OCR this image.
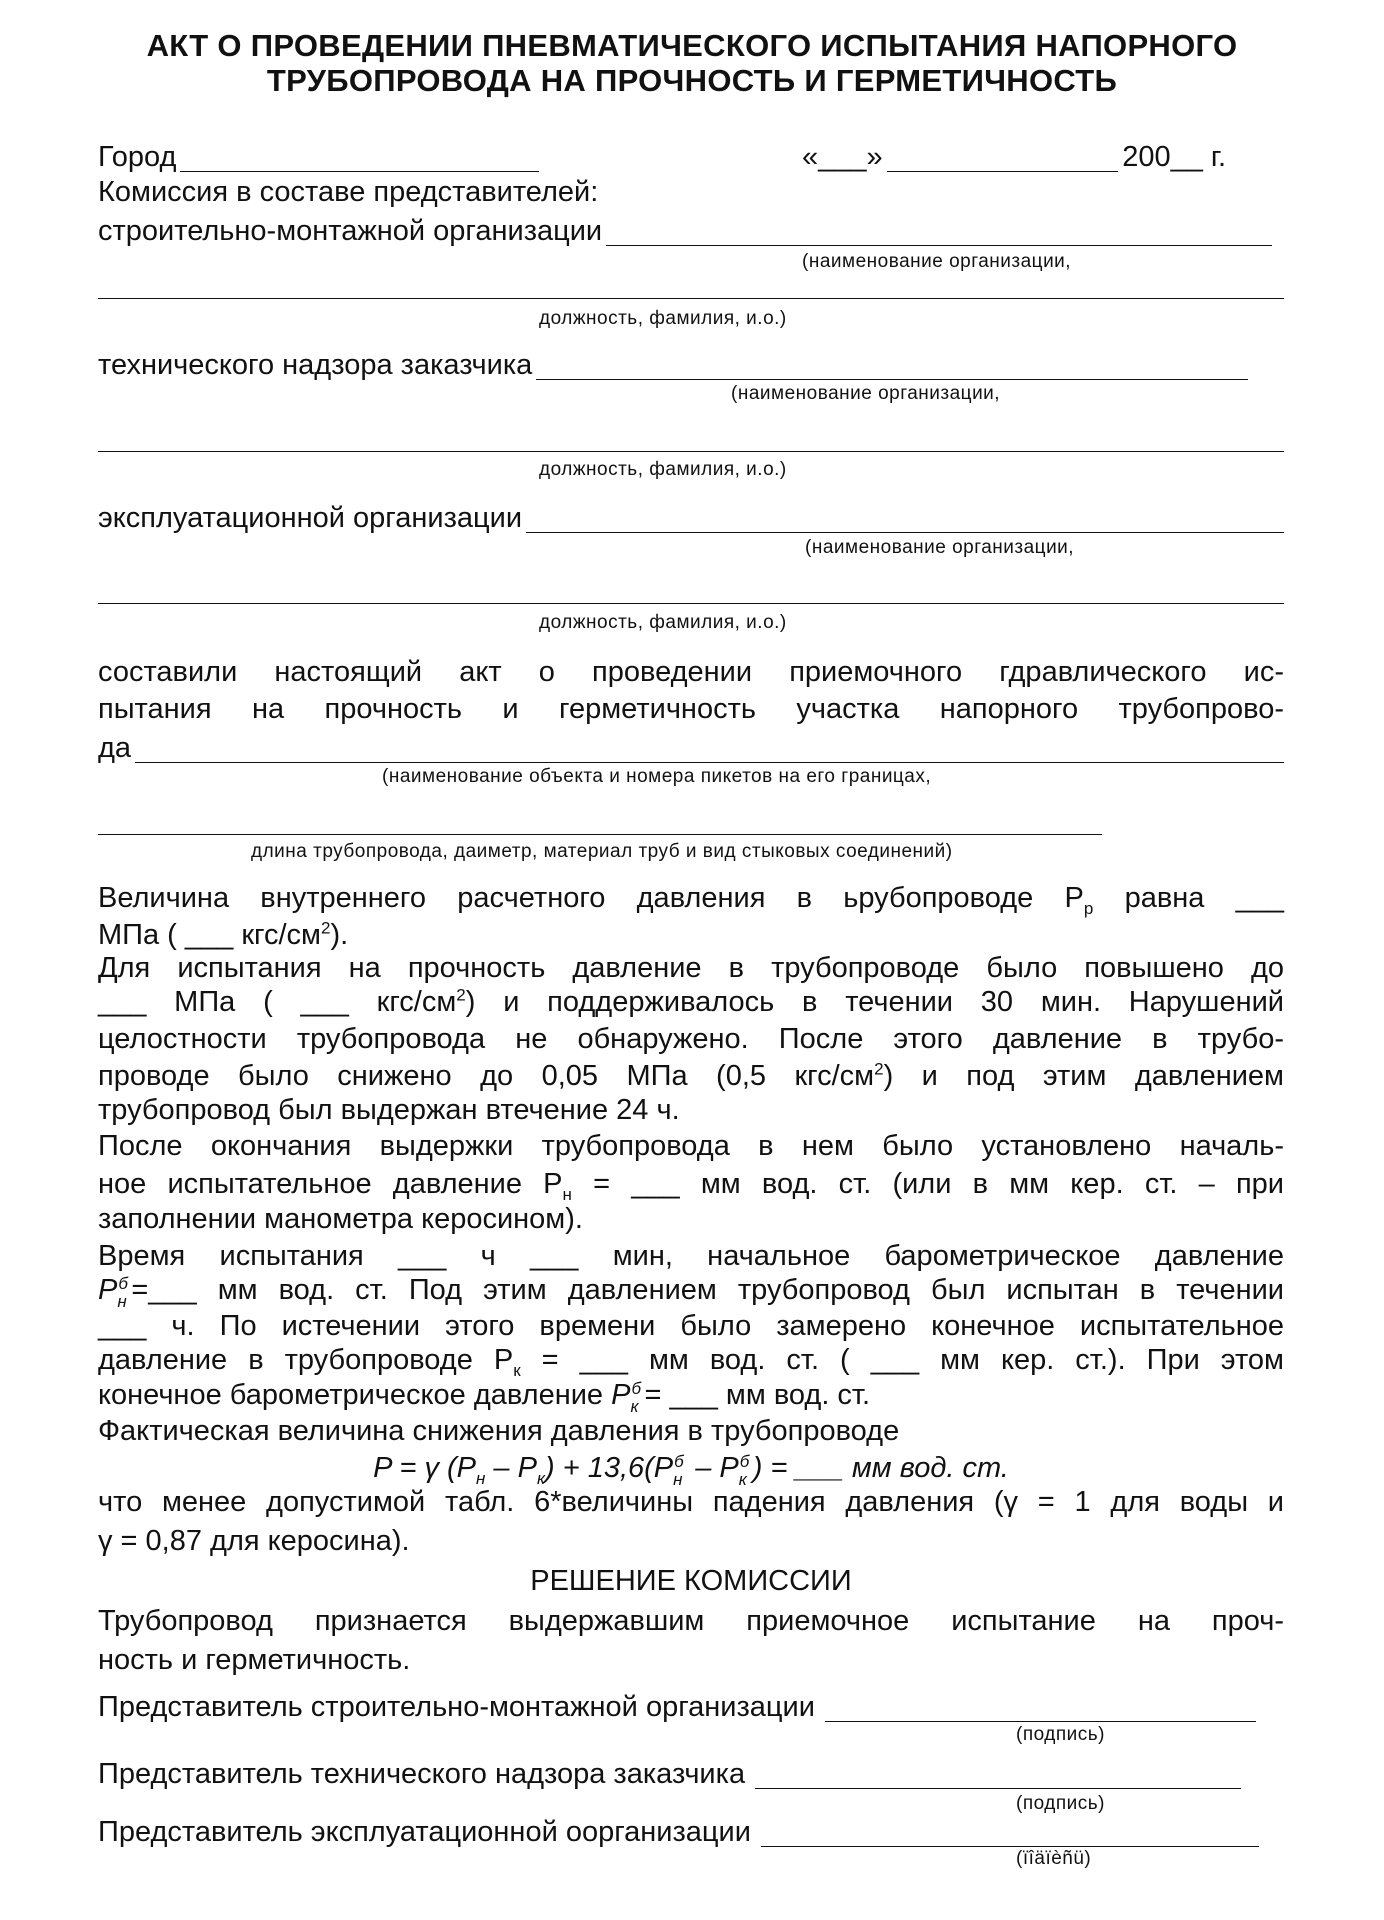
АКТ О ПРОВЕДЕНИИ ПНЕВМАТИЧЕСКОГО ИСПЫТАНИЯ НАПОРНОГО
ТРУБОПРОВОДА НА ПРОЧНОСТЬ И ГЕРМЕТИЧНОСТЬ
Город	«___»	200__ г.
Комиссия в составе представителей:
строительно-монтажной организации
(наименование организации,
должность, фамилия, и.о.)
технического надзора заказчика
(наименование организации,
должность, фамилия, и.о.)
эксплуатационной организации
(наименование организации,
должность, фамилия, и.о.)
составили настоящий акт о проведении приемочного гдравлического ис-
пытания на прочность и герметичность участка напорного трубопрово-
да
(наименование объекта и номера пикетов на его границах,
длина трубопровода, даиметр, материал труб и вид стыковых соединений)
Величина внутреннего расчетного давления в ьрубопроводе $P_р$ равна ___
МПа ( ___ кгс/$см^2$).
Для испытания на прочность давление в трубопроводе было повышено до
___ МПа ( ___ кгс/$см^2$) и поддерживалось в течении 30 мин. Нарушений
целостности трубопровода не обнаружено. После этого давление в трубо-
проводе было снижено до 0,05 МПа (0,5 кгс/$см^2$) и под этим давлением
трубопровод был выдержан втечение 24 ч.
После окончания выдержки трубопровода в нем было установлено началь-
ное испытательное давление $P_н$ = ___ мм вод. ст. (или в мм кер. ст. – при
заполнении манометра керосином).
Время испытания ___ ч ___ мин, начальное барометрическое давление
P б
н =___ мм вод. ст. Под этим давлением трубопровод был испытан в течении
___ ч. По истечении этого времени было замерено конечное испытательное
давление в трубопроводе $P_к$ = ___ мм вод. ст. ( ___ мм кер. ст.). При этом
конечное барометрическое давление P б
к = ___ мм вод. ст.
Фактическая величина снижения давления в трубопроводе
P = γ $(P_н - P_к) + 13,6(P$ б
н – P б
к ) = ___ мм вод. ст.
что менее допустимой табл. 6*величины падения давления (γ = 1 для воды и
γ = 0,87 для керосина).
РЕШЕНИЕ КОМИССИИ
Трубопровод признается выдержавшим приемочное испытание на проч-
ность и герметичность.
Представитель строительно-монтажной организации
(подпись)
Представитель технического надзора заказчика
(подпись)
Представитель эксплуатационной оорганизации
(ïîäïèñü)
